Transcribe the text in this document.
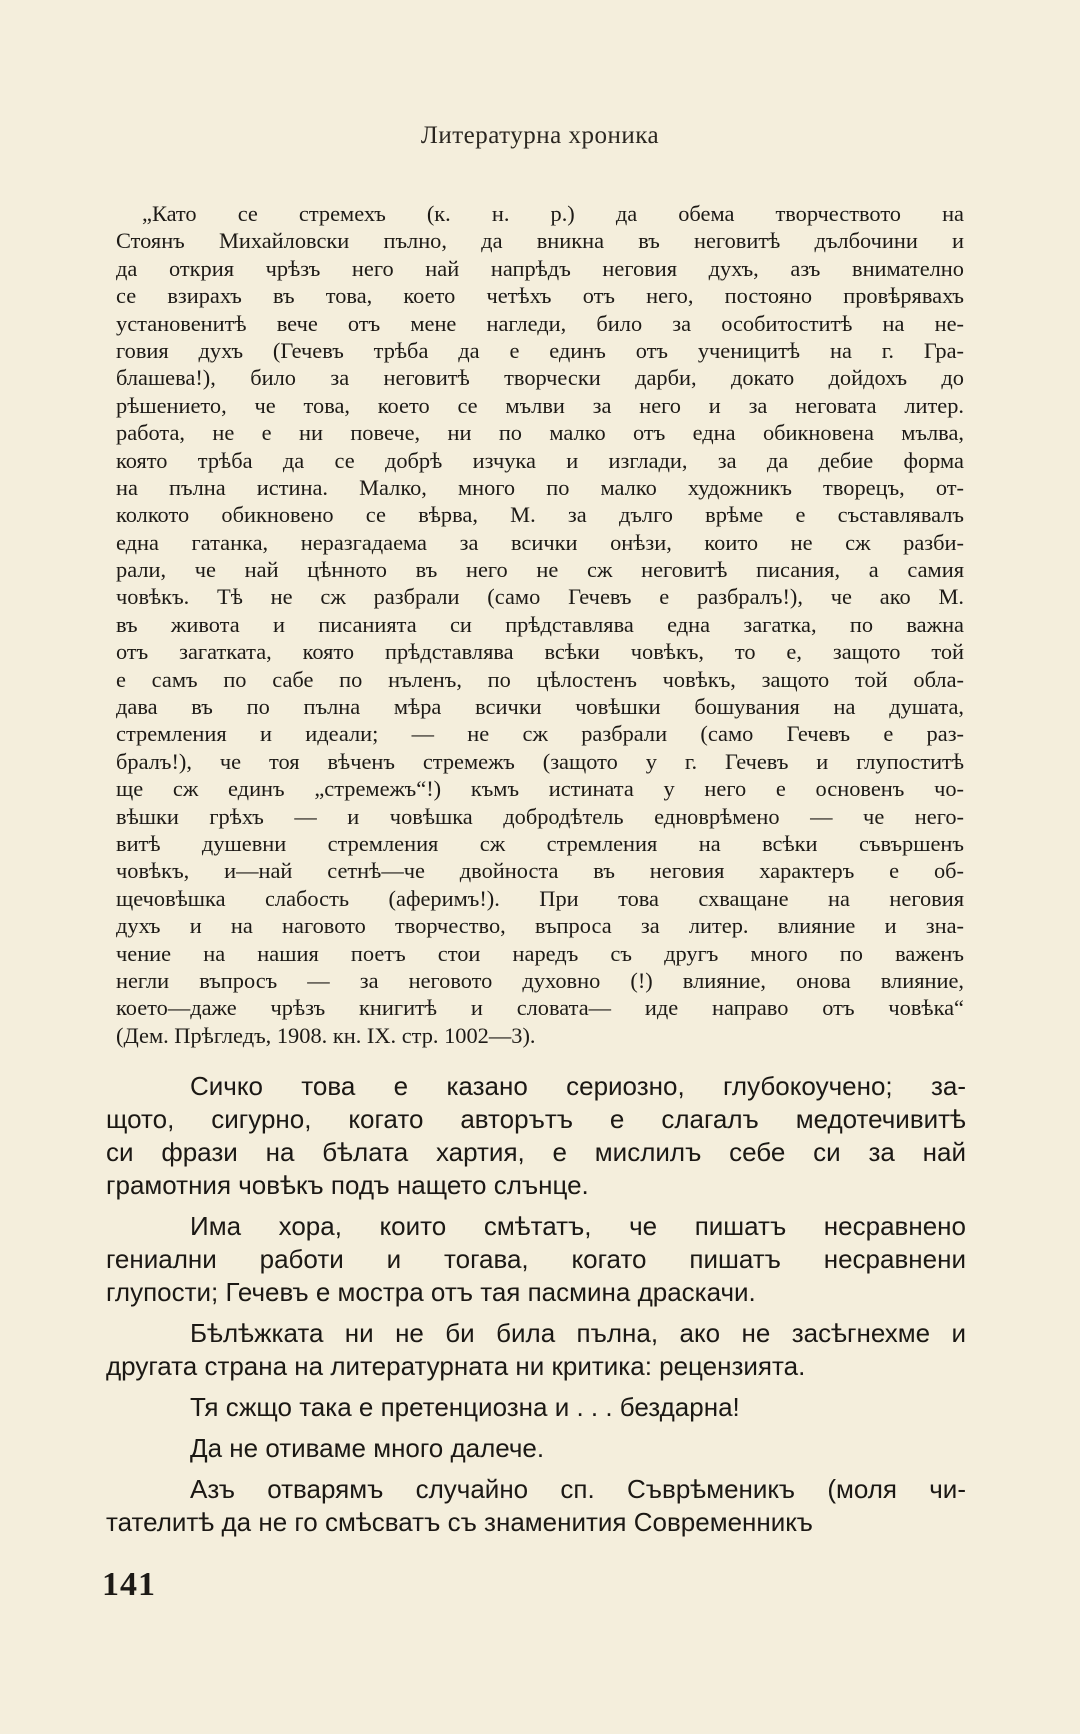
Литературна хроника
„Като се стремехъ (к. н. р.) да обема творчеството на
Стоянъ Михайловски пълно, да вникна въ неговитѣ дълбочини и
да открия чрѣзъ него най напрѣдъ неговия духъ, азъ внимателно
се взирахъ въ това, което четѣхъ отъ него, постояно провѣрявахъ
установенитѣ вече отъ мене нагледи, било за особитоститѣ на не-
говия духъ (Гечевъ трѣба да е единъ отъ ученицитѣ на г. Гра-
блашева!), било за неговитѣ творчески дарби, докато дойдохъ до
рѣшението, че това, което се мълви за него и за неговата литер.
работа, не е ни повече, ни по малко отъ една обикновена мълва,
която трѣба да се добрѣ изчука и изглади, за да дебие форма
на пълна истина. Малко, много по малко художникъ творецъ, от-
колкото обикновено се вѣрва, М. за дълго врѣме е съставлявалъ
една гатанка, неразгадаема за всички онѣзи, които не сж разби-
рали, че най цѣнното въ него не сж неговитѣ писания, а самия
човѣкъ. Тѣ не сж разбрали (само Гечевъ е разбралъ!), че ако М.
въ живота и писанията си прѣдставлява една загатка, по важна
отъ загатката, която прѣдставлява всѣки човѣкъ, то е, защото той
е самъ по сабе по нъленъ, по цѣлостенъ човѣкъ, защото той обла-
дава въ по пълна мѣра всички човѣшки бошувания на душата,
стремления и идеали; — не сж разбрали (само Гечевъ е раз-
бралъ!), че тоя вѣченъ стремежъ (защото у г. Гечевъ и глупоститѣ
ще сж единъ „стремежъ“!) къмъ истината у него е основенъ чо-
вѣшки грѣхъ — и човѣшка добродѣтель едноврѣмено — че него-
витѣ душевни стремления сж стремления на всѣки съвършенъ
човѣкъ, и—най сетнѣ—че двойноста въ неговия характеръ е об-
щечовѣшка слабость (аферимъ!). При това схващане на неговия
духъ и на наговото творчество, въпроса за литер. влияние и зна-
чение на нашия поетъ стои наредъ съ другъ много по важенъ
негли въпросъ — за неговото духовно (!) влияние, онова влияние,
което—даже чрѣзъ книгитѣ и словата— иде направо отъ човѣка“
(Дем. Прѣгледъ, 1908. кн. IX. стр. 1002—3).
Сичко това е казано сериозно, глубокоучено; за-
щото, сигурно, когато авторътъ е слагалъ медотечивитѣ
си фрази на бѣлата хартия, е мислилъ себе си за най
грамотния човѣкъ подъ нащето слънце.
Има хора, които смѣтатъ, че пишатъ несравнено
гениални работи и тогава, когато пишатъ несравнени
глупости; Гечевъ е мостра отъ тая пасмина драскачи.
Бѣлѣжката ни не би била пълна, ако не засѣгнехме и
другата страна на литературната ни критика: рецензията.
Тя сжщо така е претенциозна и . . . бездарна!
Да не отиваме много далече.
Азъ отварямъ случайно сп. Съврѣменикъ (моля чи-
тателитѣ да не го смѣсватъ съ знаменития Современникъ
141
